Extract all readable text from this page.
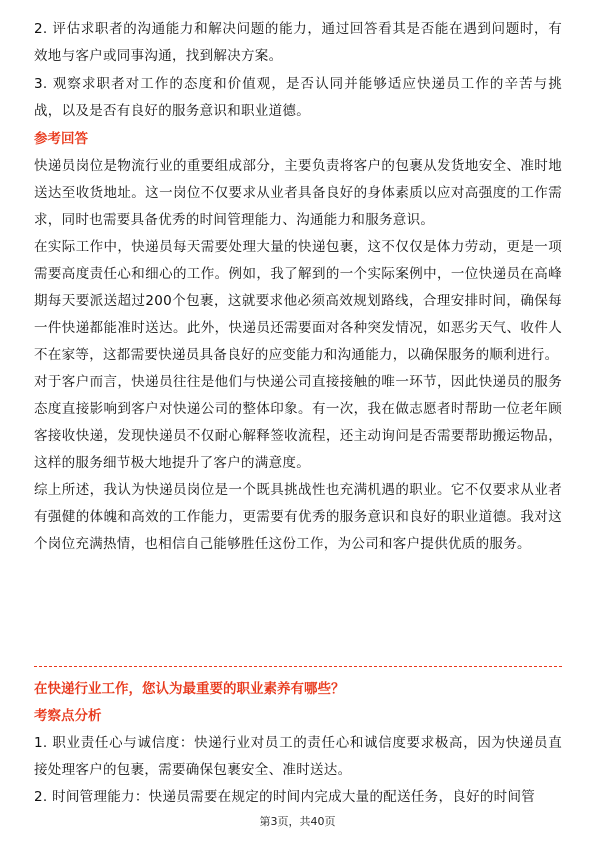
2. 评估求职者的沟通能力和解决问题的能力，通过回答看其是否能在遇到问题时，有效地与客户或同事沟通，找到解决方案。

3. 观察求职者对工作的态度和价值观，是否认同并能够适应快递员工作的辛苦与挑战，以及是否有良好的服务意识和职业道德。

参考回答

快递员岗位是物流行业的重要组成部分，主要负责将客户的包裹从发货地安全、准时地送达至收货地址。这一岗位不仅要求从业者具备良好的身体素质以应对高强度的工作需求，同时也需要具备优秀的时间管理能力、沟通能力和服务意识。

在实际工作中，快递员每天需要处理大量的快递包裹，这不仅仅是体力劳动，更是一项需要高度责任心和细心的工作。例如，我了解到的一个实际案例中，一位快递员在高峰期每天要派送超过200个包裹，这就要求他必须高效规划路线，合理安排时间，确保每一件快递都能准时送达。此外，快递员还需要面对各种突发情况，如恶劣天气、收件人不在家等，这都需要快递员具备良好的应变能力和沟通能力，以确保服务的顺利进行。

对于客户而言，快递员往往是他们与快递公司直接接触的唯一环节，因此快递员的服务态度直接影响到客户对快递公司的整体印象。有一次，我在做志愿者时帮助一位老年顾客接收快递，发现快递员不仅耐心解释签收流程，还主动询问是否需要帮助搬运物品，这样的服务细节极大地提升了客户的满意度。

综上所述，我认为快递员岗位是一个既具挑战性也充满机遇的职业。它不仅要求从业者有强健的体魄和高效的工作能力，更需要有优秀的服务意识和良好的职业道德。我对这个岗位充满热情，也相信自己能够胜任这份工作，为公司和客户提供优质的服务。

在快递行业工作，您认为最重要的职业素养有哪些？

考察点分析

1. 职业责任心与诚信度：快递行业对员工的责任心和诚信度要求极高，因为快递员直接处理客户的包裹，需要确保包裹安全、准时送达。

2. 时间管理能力：快递员需要在规定的时间内完成大量的配送任务，良好的时间管

第3页，共40页
